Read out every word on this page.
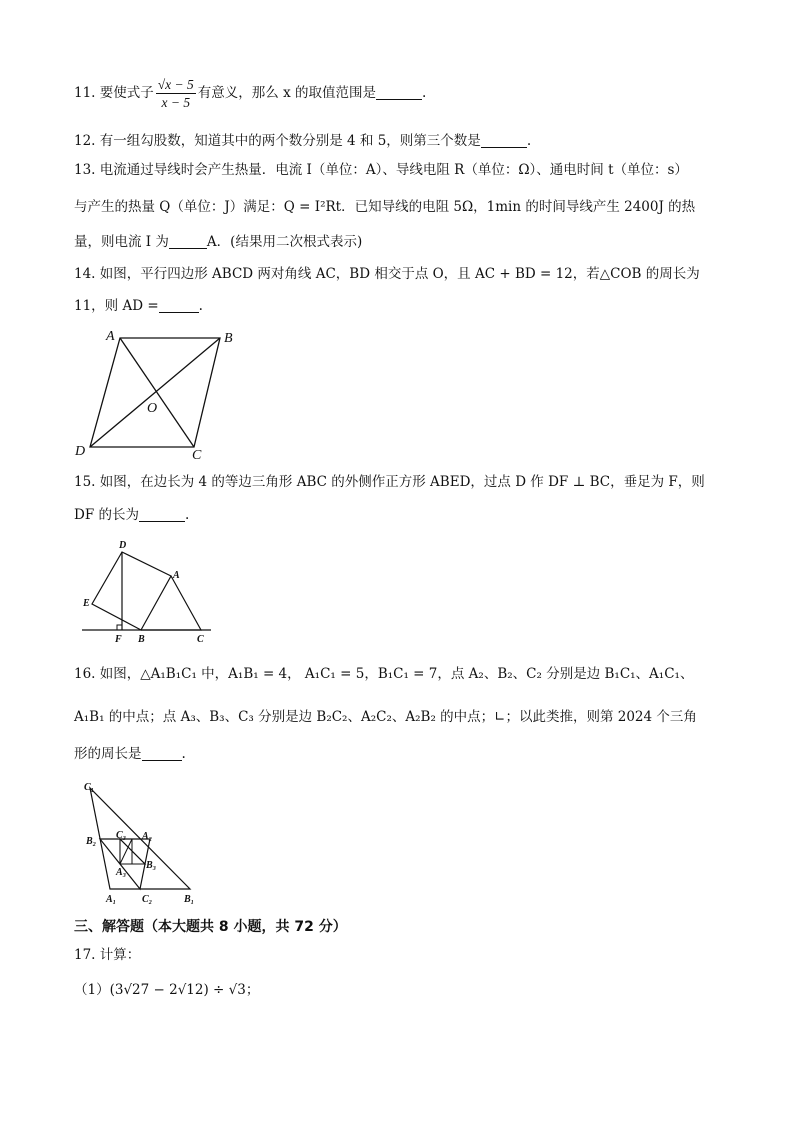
11. 要使式子 $\frac{√x - 5}{x - 5}$ 有意义，那么 x 的取值范围是	.
12. 有一组勾股数，知道其中的两个数分别是 4 和 5，则第三个数是	.
13. 电流通过导线时会产生热量．电流 I（单位：A）、导线电阻 R（单位：Ω）、通电时间 t（单位：s）
与产生的热量 Q（单位：J）满足：Q = I²Rt．已知导线的电阻 5Ω，1min 的时间导线产生 2400J 的热
量，则电流 I 为	A．(结果用二次根式表示)
14. 如图，平行四边形 ABCD 两对角线 AC，BD 相交于点 O，且 AC + BD = 12，若△COB 的周长为
11，则 AD =	.
A	B
C
D
O
15. 如图，在边长为 4 的等边三角形 ABC 的外侧作正方形 ABED，过点 D 作 DF ⊥ BC，垂足为 F，则
DF 的长为	.
D
A
E
F B	C
16. 如图，△A₁B₁C₁ 中，A₁B₁ = 4， A₁C₁ = 5，B₁C₁ = 7，点 A₂、B₂、C₂ 分别是边 B₁C₁、A₁C₁、
A₁B₁ 的中点；点 A₃、B₃、C₃ 分别是边 B₂C₂、A₂C₂、A₂B₂ 的中点；∟；以此类推，则第 2024 个三角
形的周长是	.
C₁
B₂
C₃ A₂
B₃
A₃
A₁	C₂	B₁
三、解答题（本大题共 8 小题，共 72 分）
17. 计算：
（1）(3√27 − 2√12) ÷ √3；
